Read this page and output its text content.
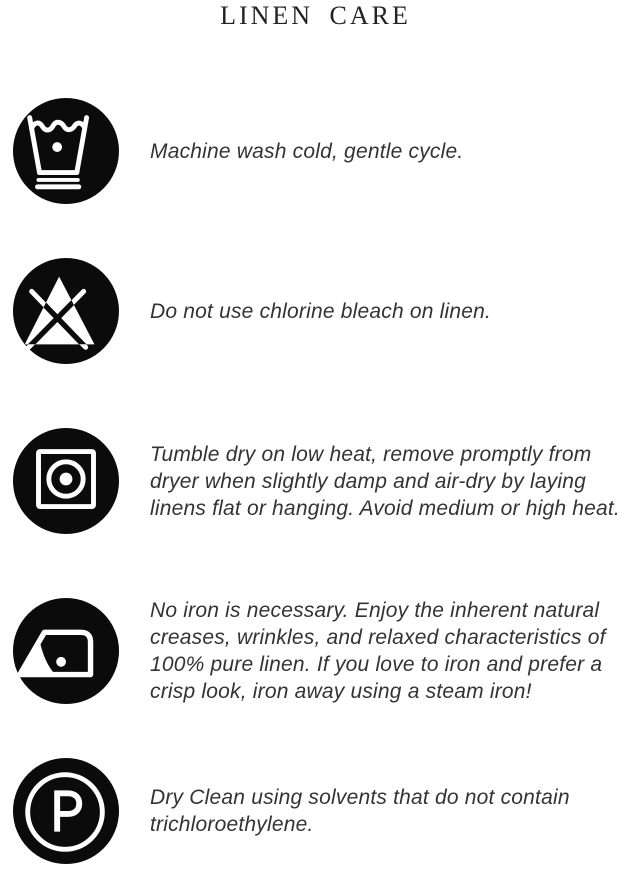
LINEN CARE

Machine wash cold, gentle cycle.

Do not use chlorine bleach on linen.

Tumble dry on low heat, remove promptly from dryer when slightly damp and air-dry by laying linens flat or hanging. Avoid medium or high heat.

No iron is necessary. Enjoy the inherent natural creases, wrinkles, and relaxed characteristics of 100% pure linen. If you love to iron and prefer a crisp look, iron away using a steam iron!

Dry Clean using solvents that do not contain trichloroethylene.
